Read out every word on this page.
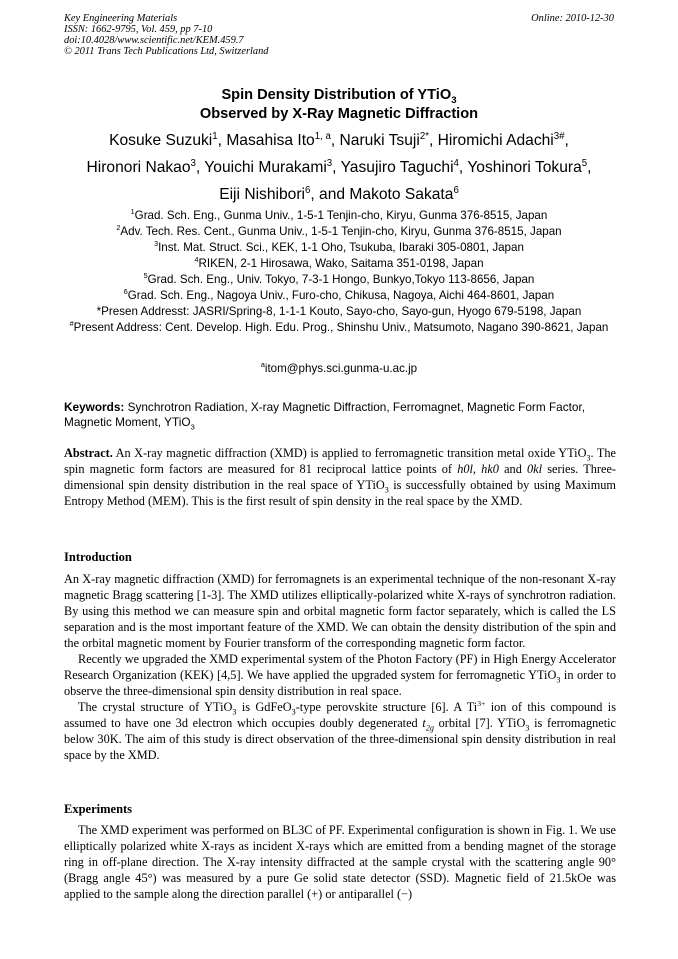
Key Engineering Materials
ISSN: 1662-9795, Vol. 459, pp 7-10
doi:10.4028/www.scientific.net/KEM.459.7
© 2011 Trans Tech Publications Ltd, Switzerland
Online: 2010-12-30
Spin Density Distribution of YTiO$_3$
Observed by X-Ray Magnetic Diffraction
Kosuke Suzuki$^1$, Masahisa Ito$^{1, a}$, Naruki Tsuji$^{2*}$, Hiromichi Adachi$^{3\#}$,
Hironori Nakao$^3$, Youichi Murakami$^3$, Yasujiro Taguchi$^4$, Yoshinori Tokura$^5$,
Eiji Nishibori$^6$, and Makoto Sakata$^6$
$^1$Grad. Sch. Eng., Gunma Univ., 1-5-1 Tenjin-cho, Kiryu, Gunma 376-8515, Japan
$^2$Adv. Tech. Res. Cent., Gunma Univ., 1-5-1 Tenjin-cho, Kiryu, Gunma 376-8515, Japan
$^3$Inst. Mat. Struct. Sci., KEK, 1-1 Oho, Tsukuba, Ibaraki 305-0801, Japan
$^4$RIKEN, 2-1 Hirosawa, Wako, Saitama 351-0198, Japan
$^5$Grad. Sch. Eng., Univ. Tokyo, 7-3-1 Hongo, Bunkyo,Tokyo 113-8656, Japan
$^6$Grad. Sch. Eng., Nagoya Univ., Furo-cho, Chikusa, Nagoya, Aichi 464-8601, Japan
*Presen Addresst: JASRI/Spring-8, 1-1-1 Kouto, Sayo-cho, Sayo-gun, Hyogo 679-5198, Japan
#Present Address: Cent. Develop. High. Edu. Prog., Shinshu Univ., Matsumoto, Nagano 390-8621, Japan
$^a$itom@phys.sci.gunma-u.ac.jp
Keywords: Synchrotron Radiation, X-ray Magnetic Diffraction, Ferromagnet, Magnetic Form Factor, Magnetic Moment, YTiO$_3$
Abstract. An X-ray magnetic diffraction (XMD) is applied to ferromagnetic transition metal oxide YTiO$_3$. The spin magnetic form factors are measured for 81 reciprocal lattice points of h0l, hk0 and 0kl series. Three-dimensional spin density distribution in the real space of YTiO$_3$ is successfully obtained by using Maximum Entropy Method (MEM). This is the first result of spin density in the real space by the XMD.
Introduction

An X-ray magnetic diffraction (XMD) for ferromagnets is an experimental technique of the non-resonant X-ray magnetic Bragg scattering [1-3]. The XMD utilizes elliptically-polarized white X-rays of synchrotron radiation. By using this method we can measure spin and orbital magnetic form factor separately, which is called the LS separation and is the most important feature of the XMD. We can obtain the density distribution of the spin and the orbital magnetic moment by Fourier transform of the corresponding magnetic form factor.

Recently we upgraded the XMD experimental system of the Photon Factory (PF) in High Energy Accelerator Research Organization (KEK) [4,5]. We have applied the upgraded system for ferromagnetic YTiO$_3$ in order to observe the three-dimensional spin density distribution in real space.

The crystal structure of YTiO$_3$ is GdFeO$_3$-type perovskite structure [6]. A $Ti^{3+}$ ion of this compound is assumed to have one 3d electron which occupies doubly degenerated $t_{2g}$ orbital [7]. YTiO$_3$ is ferromagnetic below 30K. The aim of this study is direct observation of the three-dimensional spin density distribution in real space by the XMD.

Experiments

The XMD experiment was performed on BL3C of PF. Experimental configuration is shown in Fig. 1. We use elliptically polarized white X-rays as incident X-rays which are emitted from a bending magnet of the storage ring in off-plane direction. The X-ray intensity diffracted at the sample crystal with the scattering angle 90° (Bragg angle 45°) was measured by a pure Ge solid state detector (SSD). Magnetic field of 21.5kOe was applied to the sample along the direction parallel (+) or antiparallel (−)
